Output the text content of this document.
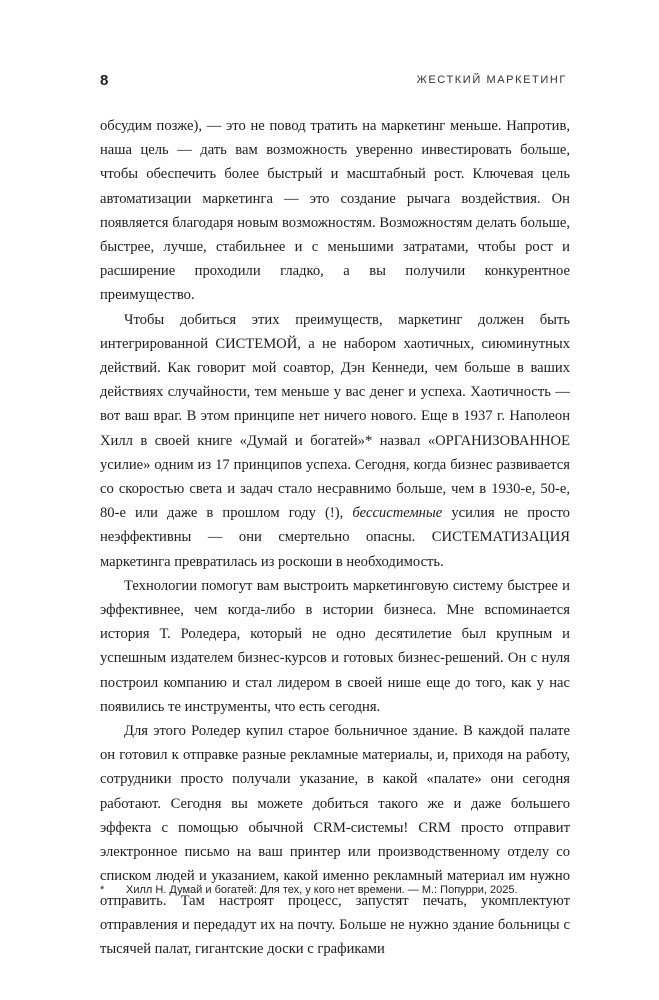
8	ЖЕСТКИЙ МАРКЕТИНГ

обсудим позже), — это не повод тратить на маркетинг меньше. Напротив, наша цель — дать вам возможность уверенно инвестировать больше, чтобы обеспечить более быстрый и масштабный рост. Ключевая цель автоматизации маркетинга — это создание рычага воздействия. Он появляется благодаря новым возможностям. Возможностям делать больше, быстрее, лучше, стабильнее и с меньшими затратами, чтобы рост и расширение проходили гладко, а вы получили конкурентное преимущество.

Чтобы добиться этих преимуществ, маркетинг должен быть интегрированной СИСТЕМОЙ, а не набором хаотичных, сиюминутных действий. Как говорит мой соавтор, Дэн Кеннеди, чем больше в ваших действиях случайности, тем меньше у вас денег и успеха. Хаотичность — вот ваш враг. В этом принципе нет ничего нового. Еще в 1937 г. Наполеон Хилл в своей книге «Думай и богатей»* назвал «ОРГАНИЗОВАННОЕ усилие» одним из 17 принципов успеха. Сегодня, когда бизнес развивается со скоростью света и задач стало несравнимо больше, чем в 1930-е, 50-е, 80-е или даже в прошлом году (!), бессистемные усилия не просто неэффективны — они смертельно опасны. СИСТЕМАТИЗАЦИЯ маркетинга превратилась из роскоши в необходимость.

Технологии помогут вам выстроить маркетинговую систему быстрее и эффективнее, чем когда-либо в истории бизнеса. Мне вспоминается история Т. Роледера, который не одно десятилетие был крупным и успешным издателем бизнес-курсов и готовых бизнес-решений. Он с нуля построил компанию и стал лидером в своей нише еще до того, как у нас появились те инструменты, что есть сегодня.

Для этого Роледер купил старое больничное здание. В каждой палате он готовил к отправке разные рекламные материалы, и, приходя на работу, сотрудники просто получали указание, в какой «палате» они сегодня работают. Сегодня вы можете добиться такого же и даже большего эффекта с помощью обычной CRM-системы! CRM просто отправит электронное письмо на ваш принтер или производственному отделу со списком людей и указанием, какой именно рекламный материал им нужно отправить. Там настроят процесс, запустят печать, укомплектуют отправления и передадут их на почту. Больше не нужно здание больницы с тысячей палат, гигантские доски с графиками

* Хилл Н. Думай и богатей: Для тех, у кого нет времени. — М.: Попурри, 2025.
